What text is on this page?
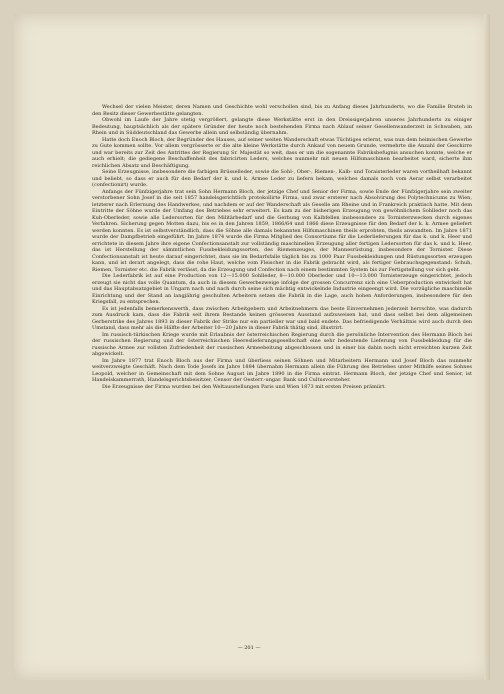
Wechsel der vielen Meister, deren Namen und Geschichte wohl verschollen sind, bis zu Anfang dieses Jahrhunderts, wo die Familie Bruteh in den Besitz dieser Gewerbestätte gelangten.

Obwohl im Laufe der Jahre stetig vergrößert, gelangte diese Werkstätte erst in den Dreissigerjahren unseres Jahrhunderts zu einiger Bedeutung, hauptsächlich als der spätere Gründer der heute noch bestehenden Firma nach Ablauf seiner Gesellenwanderzeit in Schwaben, am Rhein und in Süddeutschland das Gewerbe allein und selbständig übernahm.

Hatte doch Enoch Bloch, der Begründer des Hauses, auf seiner weiten Wanderschaft etwas Tüchtiges erlernt, was nun dem heimischen Gewerbe zu Gute kommen sollte. Vor allem vergrösserte er die alte kleine Werkstätte durch Ankauf von neuem Grunde, vermehrte die Anzahl der Geschirre und war bereits zur Zeit des Antrittes der Regierung Sr. Majestät so weit, dass er um die sogenannte Fabriksbefugnis ansuchen konnte, welche er auch erhielt; die gediegene Beschaffenheit des fabricirten Leders, welches nunmehr mit neuen Hilfsmaschinen bearbeitet ward, sicherte ihm reichlichen Absatz und Beschäftigung.

Seine Erzeugnisse, insbesondere die farbigen Brüsselleder, sowie die Sohl-, Ober-, Riemen-, Kalb- und Toraisterleder waren vortheilhaft bekannt und beliebt, so dass er auch für den Bedarf der k. und k. Armee Leder zu liefern bekam, welches damals noch vom Aerar selbst verarbeitet (confectionirt) wurde.

Anfangs der Fünfzigerjahre trat sein Sohn Hermann Bloch, der jetzige Chef und Senior der Firma, sowie Ende der Fünfzigerjahre sein zweiter verstorbener Sohn Josef in die seit 1857 handelsgerichtlich protokollirte Firma, und zwar ersterer nach Absolvirung des Polytechnicums zu Wien, letzterer nach Erlernung des Handwerkes, und nachdem er auf der Wanderschaft als Geselle am Rheine und in Frankreich praktisch hatte. Mit dem Eintritte der Söhne wurde der Umfang des Betriebes sehr erweitert. Es kam zu der bisherigen Erzeugung von gewöhnlichem Sohlleder noch das Kuh-Oberleder, sowie alle Ledersorten für den Militärbedarf und die Gerbung von Kalbfellen insbesondere zu Tornisterzwecken durch eigenes Verfahren. Sicherung gegen Motten dazu, bis es in den Jahren 1859, 1866/64 und 1866 diese Erzeugnisse für den Bedarf der k. k. Armee geliefert werden konnten. Es ist selbstverständlich, dass die Söhne alle damals bekannten Hilfsmaschinen theils erprobten, theils anwandten. Im Jahre 1871 wurde der Dampfbetrieb eingeführt. Im Jahre 1874 wurde die Firma Mitglied des Consortiums für die Lederlieferungen für das k. und k. Heer und errichtete in diesem Jahre ihre eigene Confectionsanstalt zur vollständig maschinellen Erzeugung aller fertigen Ledersorten für das k. und k. Heer, das ist Herstellung der sämmtlichen Fussbekleidungssorten, des Riemenzeuges, der Mannesrüstung, insbesondere der Tornister. Diese Confectionsanstalt ist heute darauf eingerichtet, dass sie im Bedarfsfalle täglich bis zu 1000 Paar Fussbekleidungen und Rüstungssorten erzeugen kann, und ist derart angelegt, dass die rohe Haut, welche vom Fleischer in die Fabrik gebracht wird, als fertiger Gebrauchsgegenstand: Schuh, Riemen, Tornister etc. die Fabrik verlässt, da die Erzeugung und Confection nach einem bestimmten System bis zur Fertigstellung vor sich geht.

Die Lederfabrik ist auf eine Production von 12—15.000 Sohlleder, 8—10.000 Oberleder und 10—13.000 Tornisterzeuge eingerichtet, jedoch erzeugt sie nicht das volle Quantum, da auch in diesem Gewerbezweige infolge der grossen Concurrenz sich eine Ueberproduction entwickelt hat und das Hauptabsatzgebiet in Ungarn nach und nach durch seine sich mächtig entwickelnde Industrie eingeengt wird. Die vorzügliche maschinelle Einrichtung und der Stand an langjährig geschulten Arbeitern setzen die Fabrik in die Lage, auch hohen Anforderungen, insbesondere für den Kriegsfall, zu entsprechen.

Es ist jedenfalls bemerkenswerth, dass zwischen Arbeitgebern und Arbeitnehmern das beste Einvernehmen jederzeit herrschte, was dadurch zum Ausdruck kam, dass die Fabrik seit ihrem Bestande keinen grösseren Ausstand aufzuweisen hat, und dass selbst bei dem allgemeinen Gerberstrike des Jahres 1893 in dieser Fabrik der Strike nur ein partieller war und bald endete. Das befriedigende Verhältnis wird auch durch den Umstand, dass mehr als die Hälfte der Arbeiter 10—20 Jahre in dieser Fabrik thätig sind, illustrirt.

Im russisch-türkischen Kriege wurde mit Erlaubnis der österreichischen Regierung durch die persönliche Intervention des Hermann Bloch bei der russischen Regierung und der österreichischen Heereslieferungsgesellschaft eine sehr bedeutende Lieferung von Fussbekleidung für die russische Armee zur vollsten Zufriedenheit der russischen Armeebeitung abgeschlossen und in einer bis dahin noch nicht erreichten kurzen Zeit abgewickelt.

Im Jahre 1877 trat Enoch Bloch aus der Firma und überliess seinen Söhnen und Mitarbeitern Hermann und Josef Bloch das nunmehr weitverzweigte Geschäft. Nach dem Tode Josefs im Jahre 1884 übernahm Hermann allein die Führung des Betriebes unter Mithilfe seines Sohnes Leopold, welcher in Gemeinschaft mit dem Sohne August im Jahre 1890 in die Firma eintrat. Hermann Bloch, der jetzige Chef und Senior, ist Handelskammerrath, Handelsgerichtsbeisitzer, Censor der Oesterr.-ungar. Bank und Cultusvorsteher.

Die Erzeugnisse der Firma wurden bei den Weltausstellungen Paris und Wien 1873 mit ersten Preisen prämiirt.

— 201 —
